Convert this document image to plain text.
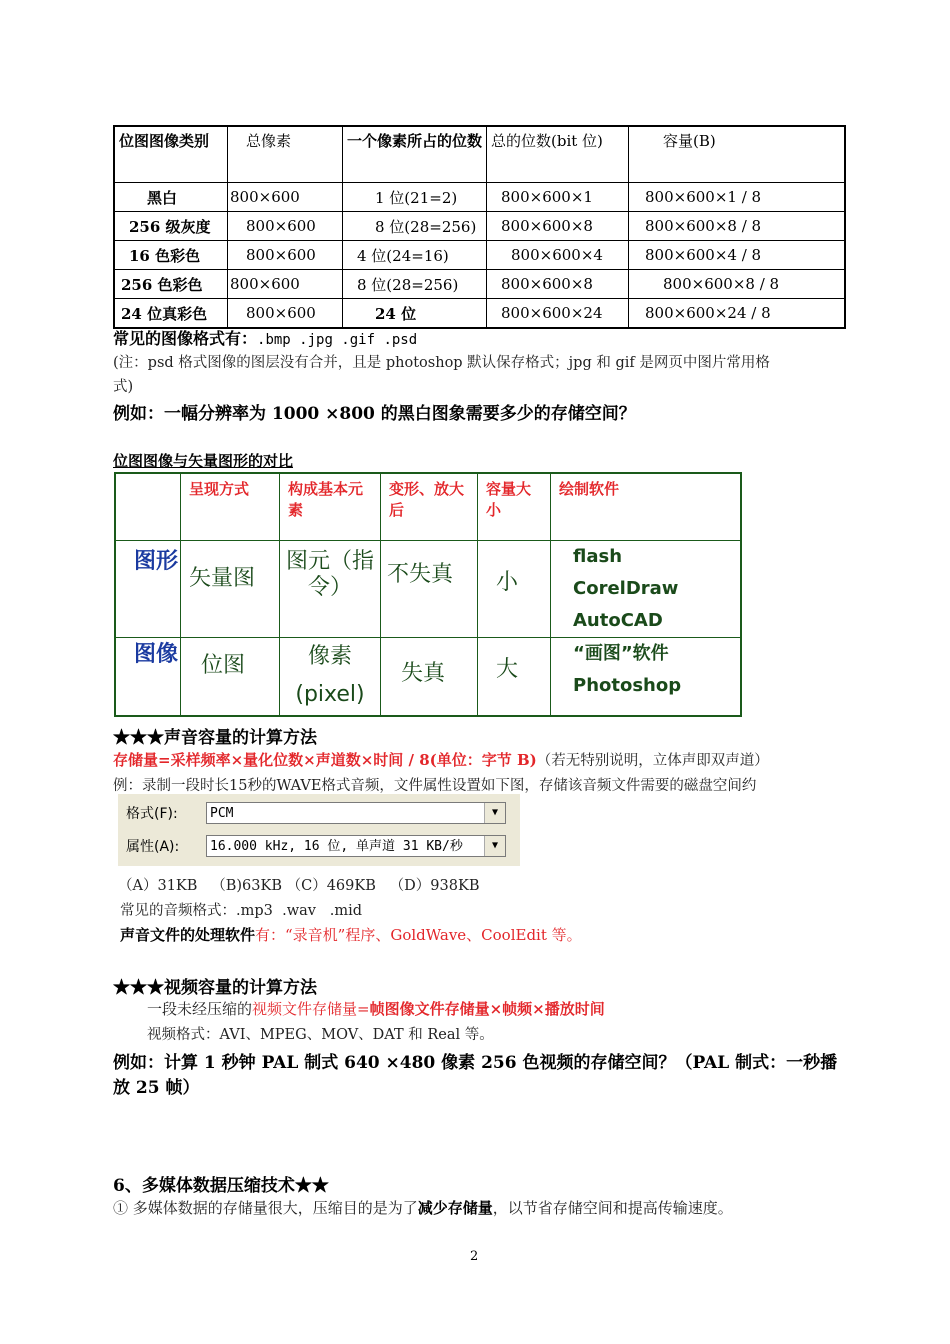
位图图像类别	总像素	一个像素所占的位数	总的位数(bit 位)	容量(B)
黑白	800×600	1 位(21=2)	800×600×1	800×600×1 / 8
256 级灰度	800×600	8 位(28=256)	800×600×8	800×600×8 / 8
16 色彩色	800×600	4 位(24=16)	800×600×4	800×600×4 / 8
256 色彩色	800×600	8 位(28=256)	800×600×8	800×600×8 / 8
24 位真彩色	800×600	24 位	800×600×24	800×600×24 / 8
常见的图像格式有：.bmp .jpg .gif .psd
(注：psd 格式图像的图层没有合并，且是 photoshop 默认保存格式；jpg 和 gif 是网页中图片常用格
式)
例如：一幅分辨率为 1000 ×800 的黑白图象需要多少的存储空间？
位图图像与矢量图形的对比
	呈现方式	构成基本元素	变形、放大后	容量大小	绘制软件
图形	矢量图	图元（指令）	不失真	小	flash
CorelDraw
AutoCAD
图像	位图	像素 (pixel)	失真	大	“画图”软件
Photoshop
★★★声音容量的计算方法
存储量=采样频率×量化位数×声道数×时间 / 8(单位：字节 B)（若无特别说明，立体声即双声道）
例：录制一段时长15秒的WAVE格式音频，文件属性设置如下图，存储该音频文件需要的磁盘空间约
格式(F):	PCM	▼
属性(A):	16.000 kHz, 16 位, 单声道 31 KB/秒	▼
（A）31KB   （B)63KB （C）469KB   （D）938KB
常见的音频格式：.mp3  .wav   .mid
声音文件的处理软件有：“录音机”程序、GoldWave、CoolEdit 等。
★★★视频容量的计算方法
一段未经压缩的视频文件存储量=帧图像文件存储量×帧频×播放时间
视频格式：AVI、MPEG、MOV、DAT 和 Real 等。
例如：计算 1 秒钟 PAL 制式 640 ×480 像素 256 色视频的存储空间？（PAL 制式：一秒播
放 25 帧）
6、多媒体数据压缩技术★★
① 多媒体数据的存储量很大，压缩目的是为了减少存储量，以节省存储空间和提高传输速度。
2
